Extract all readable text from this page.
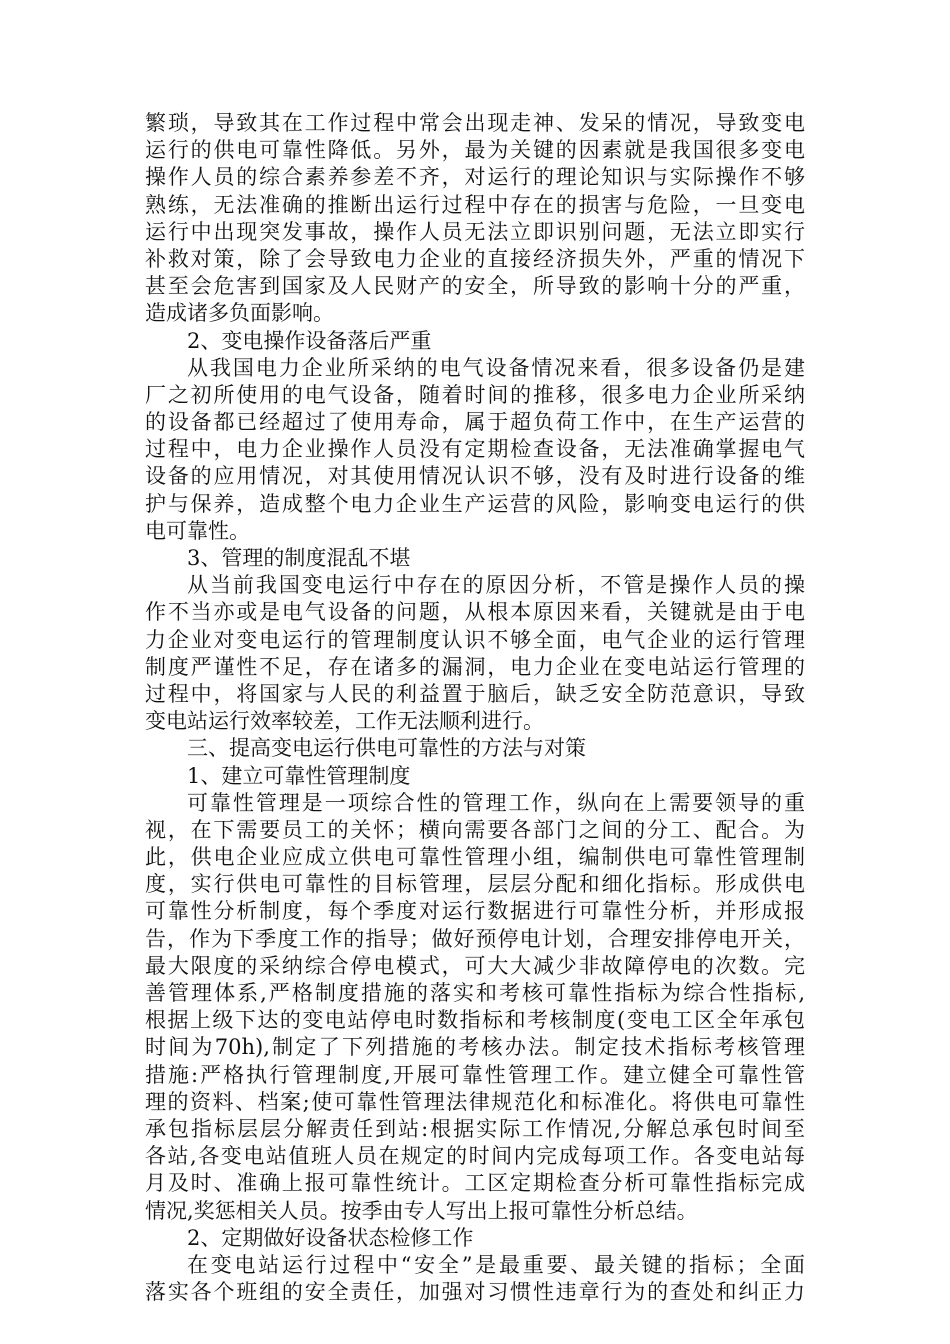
繁琐，导致其在工作过程中常会出现走神、发呆的情况，导致变电
运行的供电可靠性降低。另外，最为关键的因素就是我国很多变电
操作人员的综合素养参差不齐，对运行的理论知识与实际操作不够
熟练，无法准确的推断出运行过程中存在的损害与危险，一旦变电
运行中出现突发事故，操作人员无法立即识别问题，无法立即实行
补救对策，除了会导致电力企业的直接经济损失外，严重的情况下
甚至会危害到国家及人民财产的安全，所导致的影响十分的严重，
造成诸多负面影响。
2、变电操作设备落后严重
从我国电力企业所采纳的电气设备情况来看，很多设备仍是建
厂之初所使用的电气设备，随着时间的推移，很多电力企业所采纳
的设备都已经超过了使用寿命，属于超负荷工作中，在生产运营的
过程中，电力企业操作人员没有定期检查设备，无法准确掌握电气
设备的应用情况，对其使用情况认识不够，没有及时进行设备的维
护与保养，造成整个电力企业生产运营的风险，影响变电运行的供
电可靠性。
3、管理的制度混乱不堪
从当前我国变电运行中存在的原因分析，不管是操作人员的操
作不当亦或是电气设备的问题，从根本原因来看，关键就是由于电
力企业对变电运行的管理制度认识不够全面，电气企业的运行管理
制度严谨性不足，存在诸多的漏洞，电力企业在变电站运行管理的
过程中，将国家与人民的利益置于脑后，缺乏安全防范意识，导致
变电站运行效率较差，工作无法顺利进行。
三、提高变电运行供电可靠性的方法与对策
1、建立可靠性管理制度
可靠性管理是一项综合性的管理工作，纵向在上需要领导的重
视，在下需要员工的关怀；横向需要各部门之间的分工、配合。为
此，供电企业应成立供电可靠性管理小组，编制供电可靠性管理制
度，实行供电可靠性的目标管理，层层分配和细化指标。形成供电
可靠性分析制度，每个季度对运行数据进行可靠性分析，并形成报
告，作为下季度工作的指导；做好预停电计划，合理安排停电开关，
最大限度的采纳综合停电模式，可大大减少非故障停电的次数。完
善管理体系,严格制度措施的落实和考核可靠性指标为综合性指标,
根据上级下达的变电站停电时数指标和考核制度(变电工区全年承包
时间为70h),制定了下列措施的考核办法。制定技术指标考核管理
措施:严格执行管理制度,开展可靠性管理工作。建立健全可靠性管
理的资料、档案;使可靠性管理法律规范化和标准化。将供电可靠性
承包指标层层分解责任到站:根据实际工作情况,分解总承包时间至
各站,各变电站值班人员在规定的时间内完成每项工作。各变电站每
月及时、准确上报可靠性统计。工区定期检查分析可靠性指标完成
情况,奖惩相关人员。按季由专人写出上报可靠性分析总结。
2、定期做好设备状态检修工作
在变电站运行过程中“安全”是最重要、最关键的指标；全面
落实各个班组的安全责任，加强对习惯性违章行为的查处和纠正力
